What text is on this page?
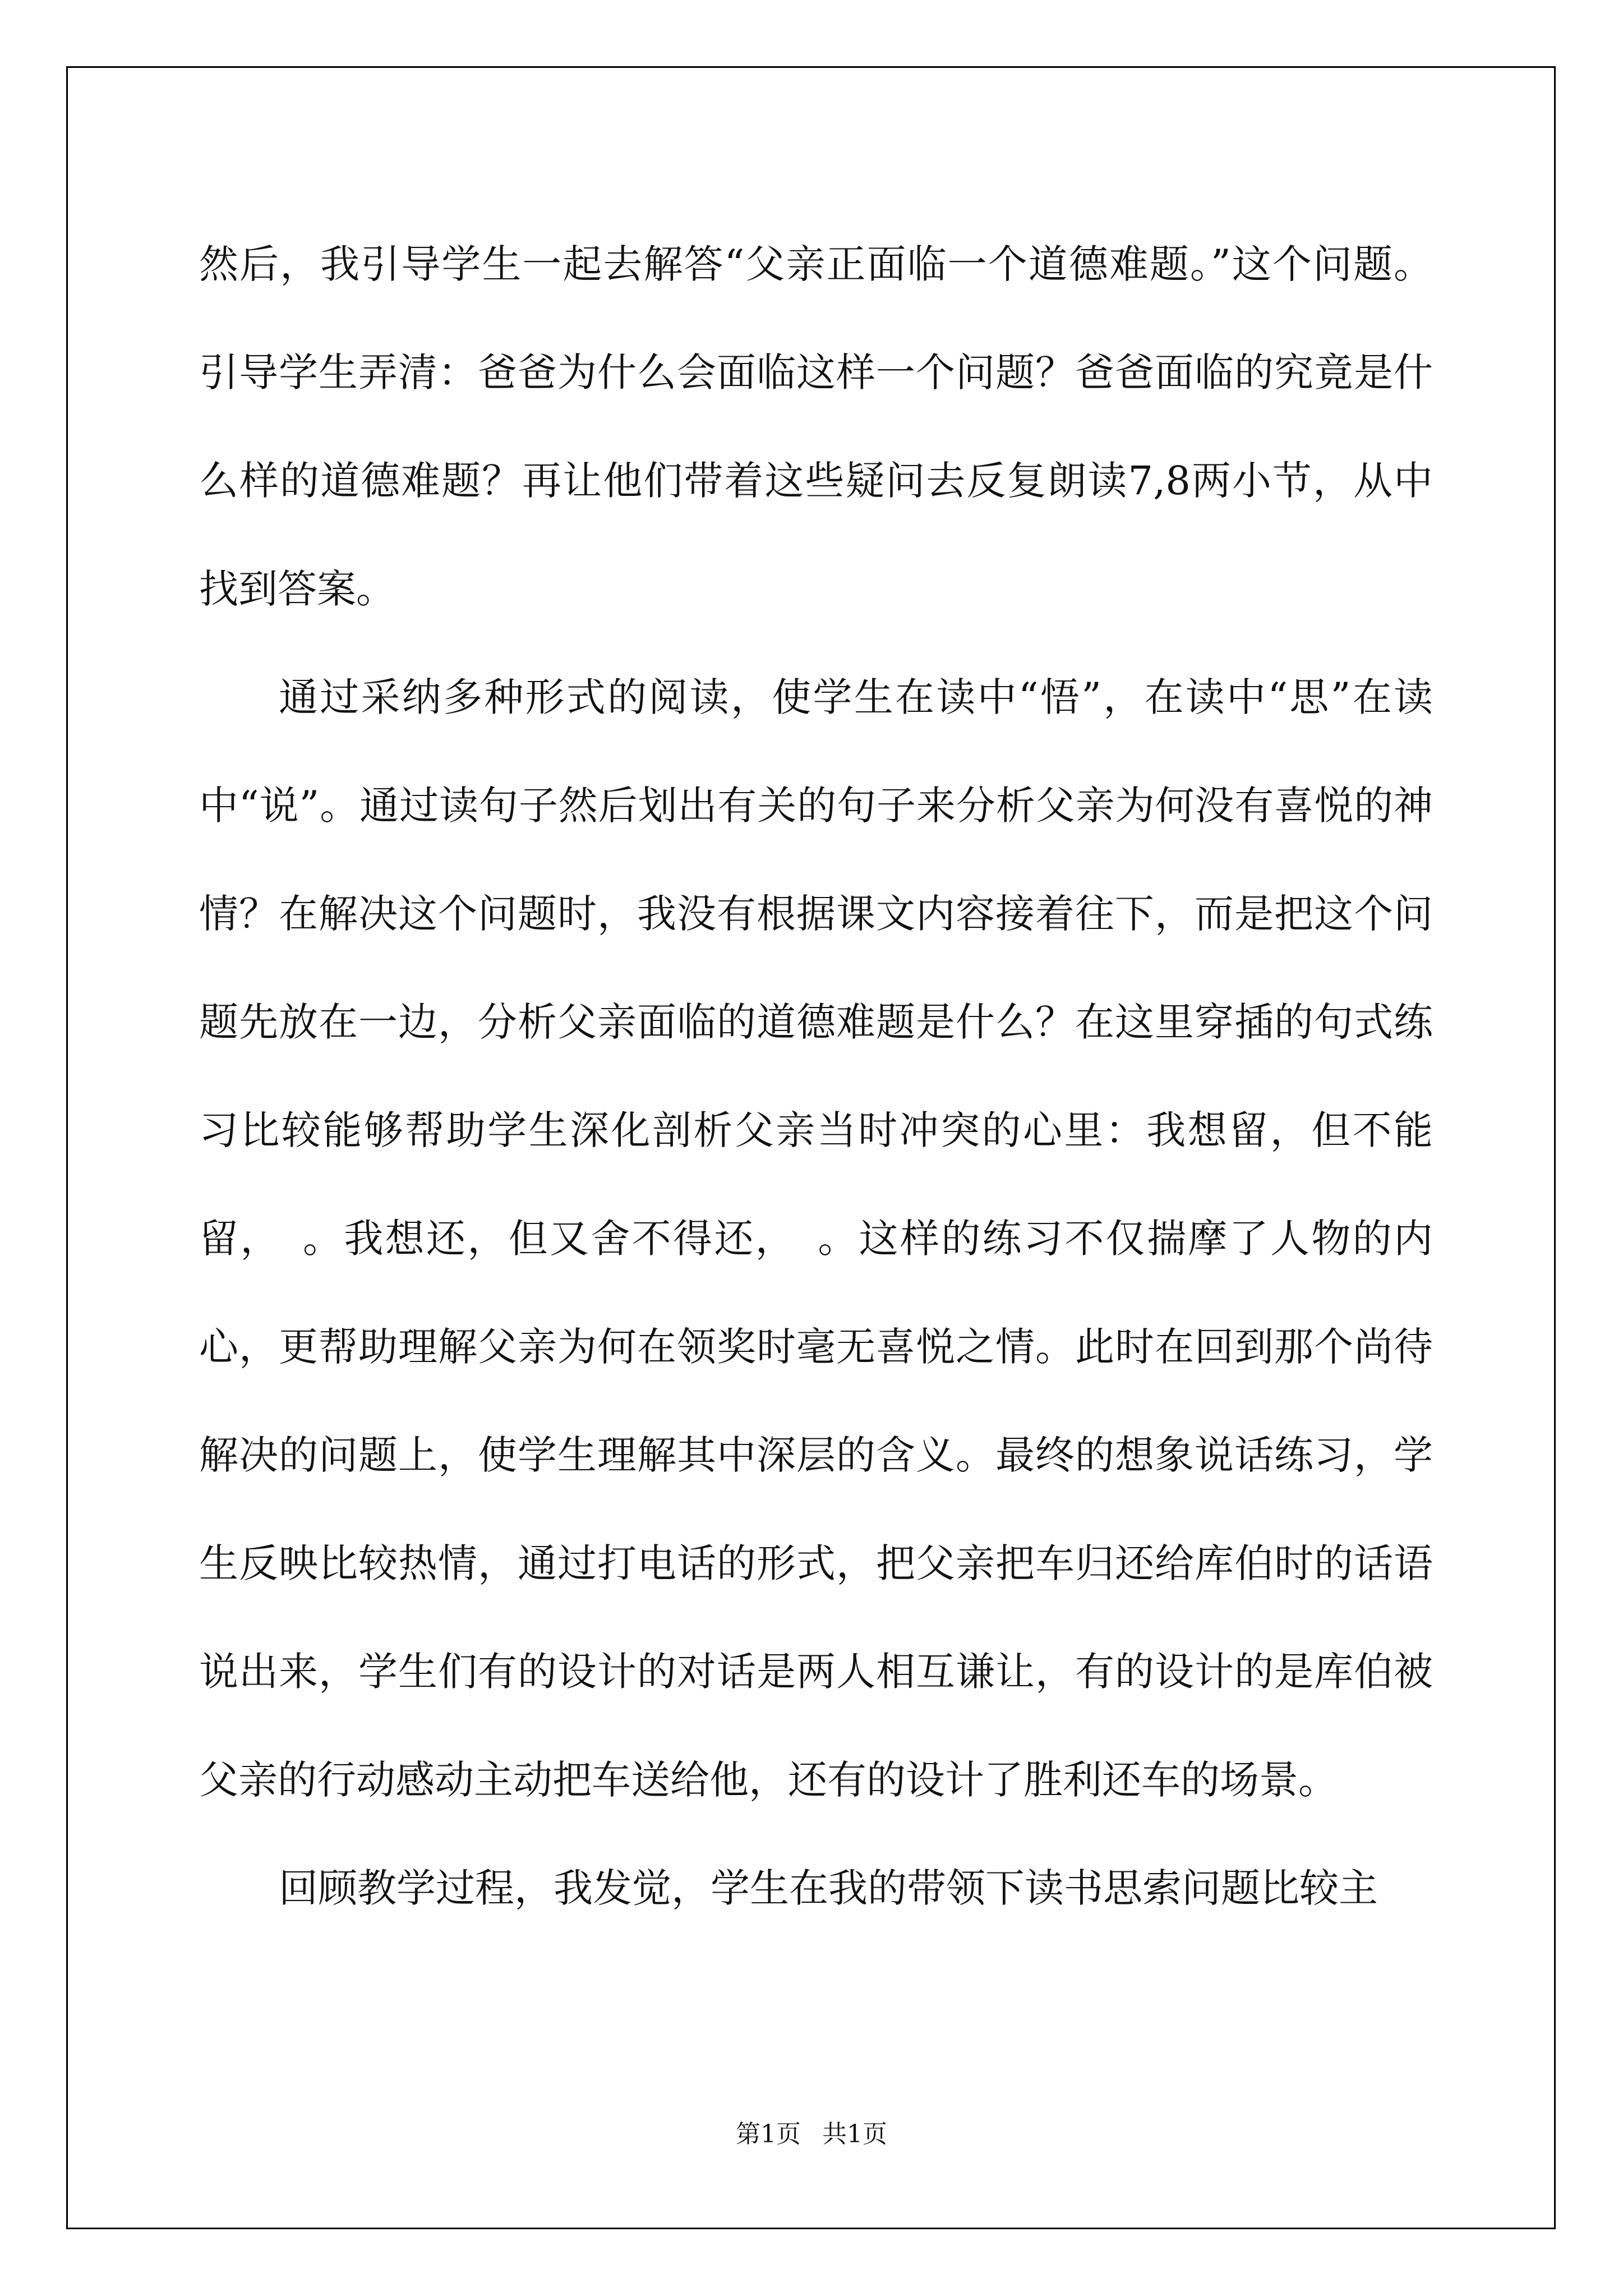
然后，我引导学生一起去解答“父亲正面临一个道德难题。”这个问题。引导学生弄清：爸爸为什么会面临这样一个问题？爸爸面临的究竟是什么样的道德难题？再让他们带着这些疑问去反复朗读7,8两小节，从中找到答案。

通过采纳多种形式的阅读，使学生在读中“悟”，在读中“思”在读中“说”。通过读句子然后划出有关的句子来分析父亲为何没有喜悦的神情？在解决这个问题时，我没有根据课文内容接着往下，而是把这个问题先放在一边，分析父亲面临的道德难题是什么？在这里穿插的句式练习比较能够帮助学生深化剖析父亲当时冲突的心里：我想留，但不能留，　。我想还，但又舍不得还，　。这样的练习不仅揣摩了人物的内心，更帮助理解父亲为何在领奖时毫无喜悦之情。此时在回到那个尚待解决的问题上，使学生理解其中深层的含义。最终的想象说话练习，学生反映比较热情，通过打电话的形式，把父亲把车归还给库伯时的话语说出来，学生们有的设计的对话是两人相互谦让，有的设计的是库伯被父亲的行动感动主动把车送给他，还有的设计了胜利还车的场景。

回顾教学过程，我发觉，学生在我的带领下读书思索问题比较主

第1页 共1页
